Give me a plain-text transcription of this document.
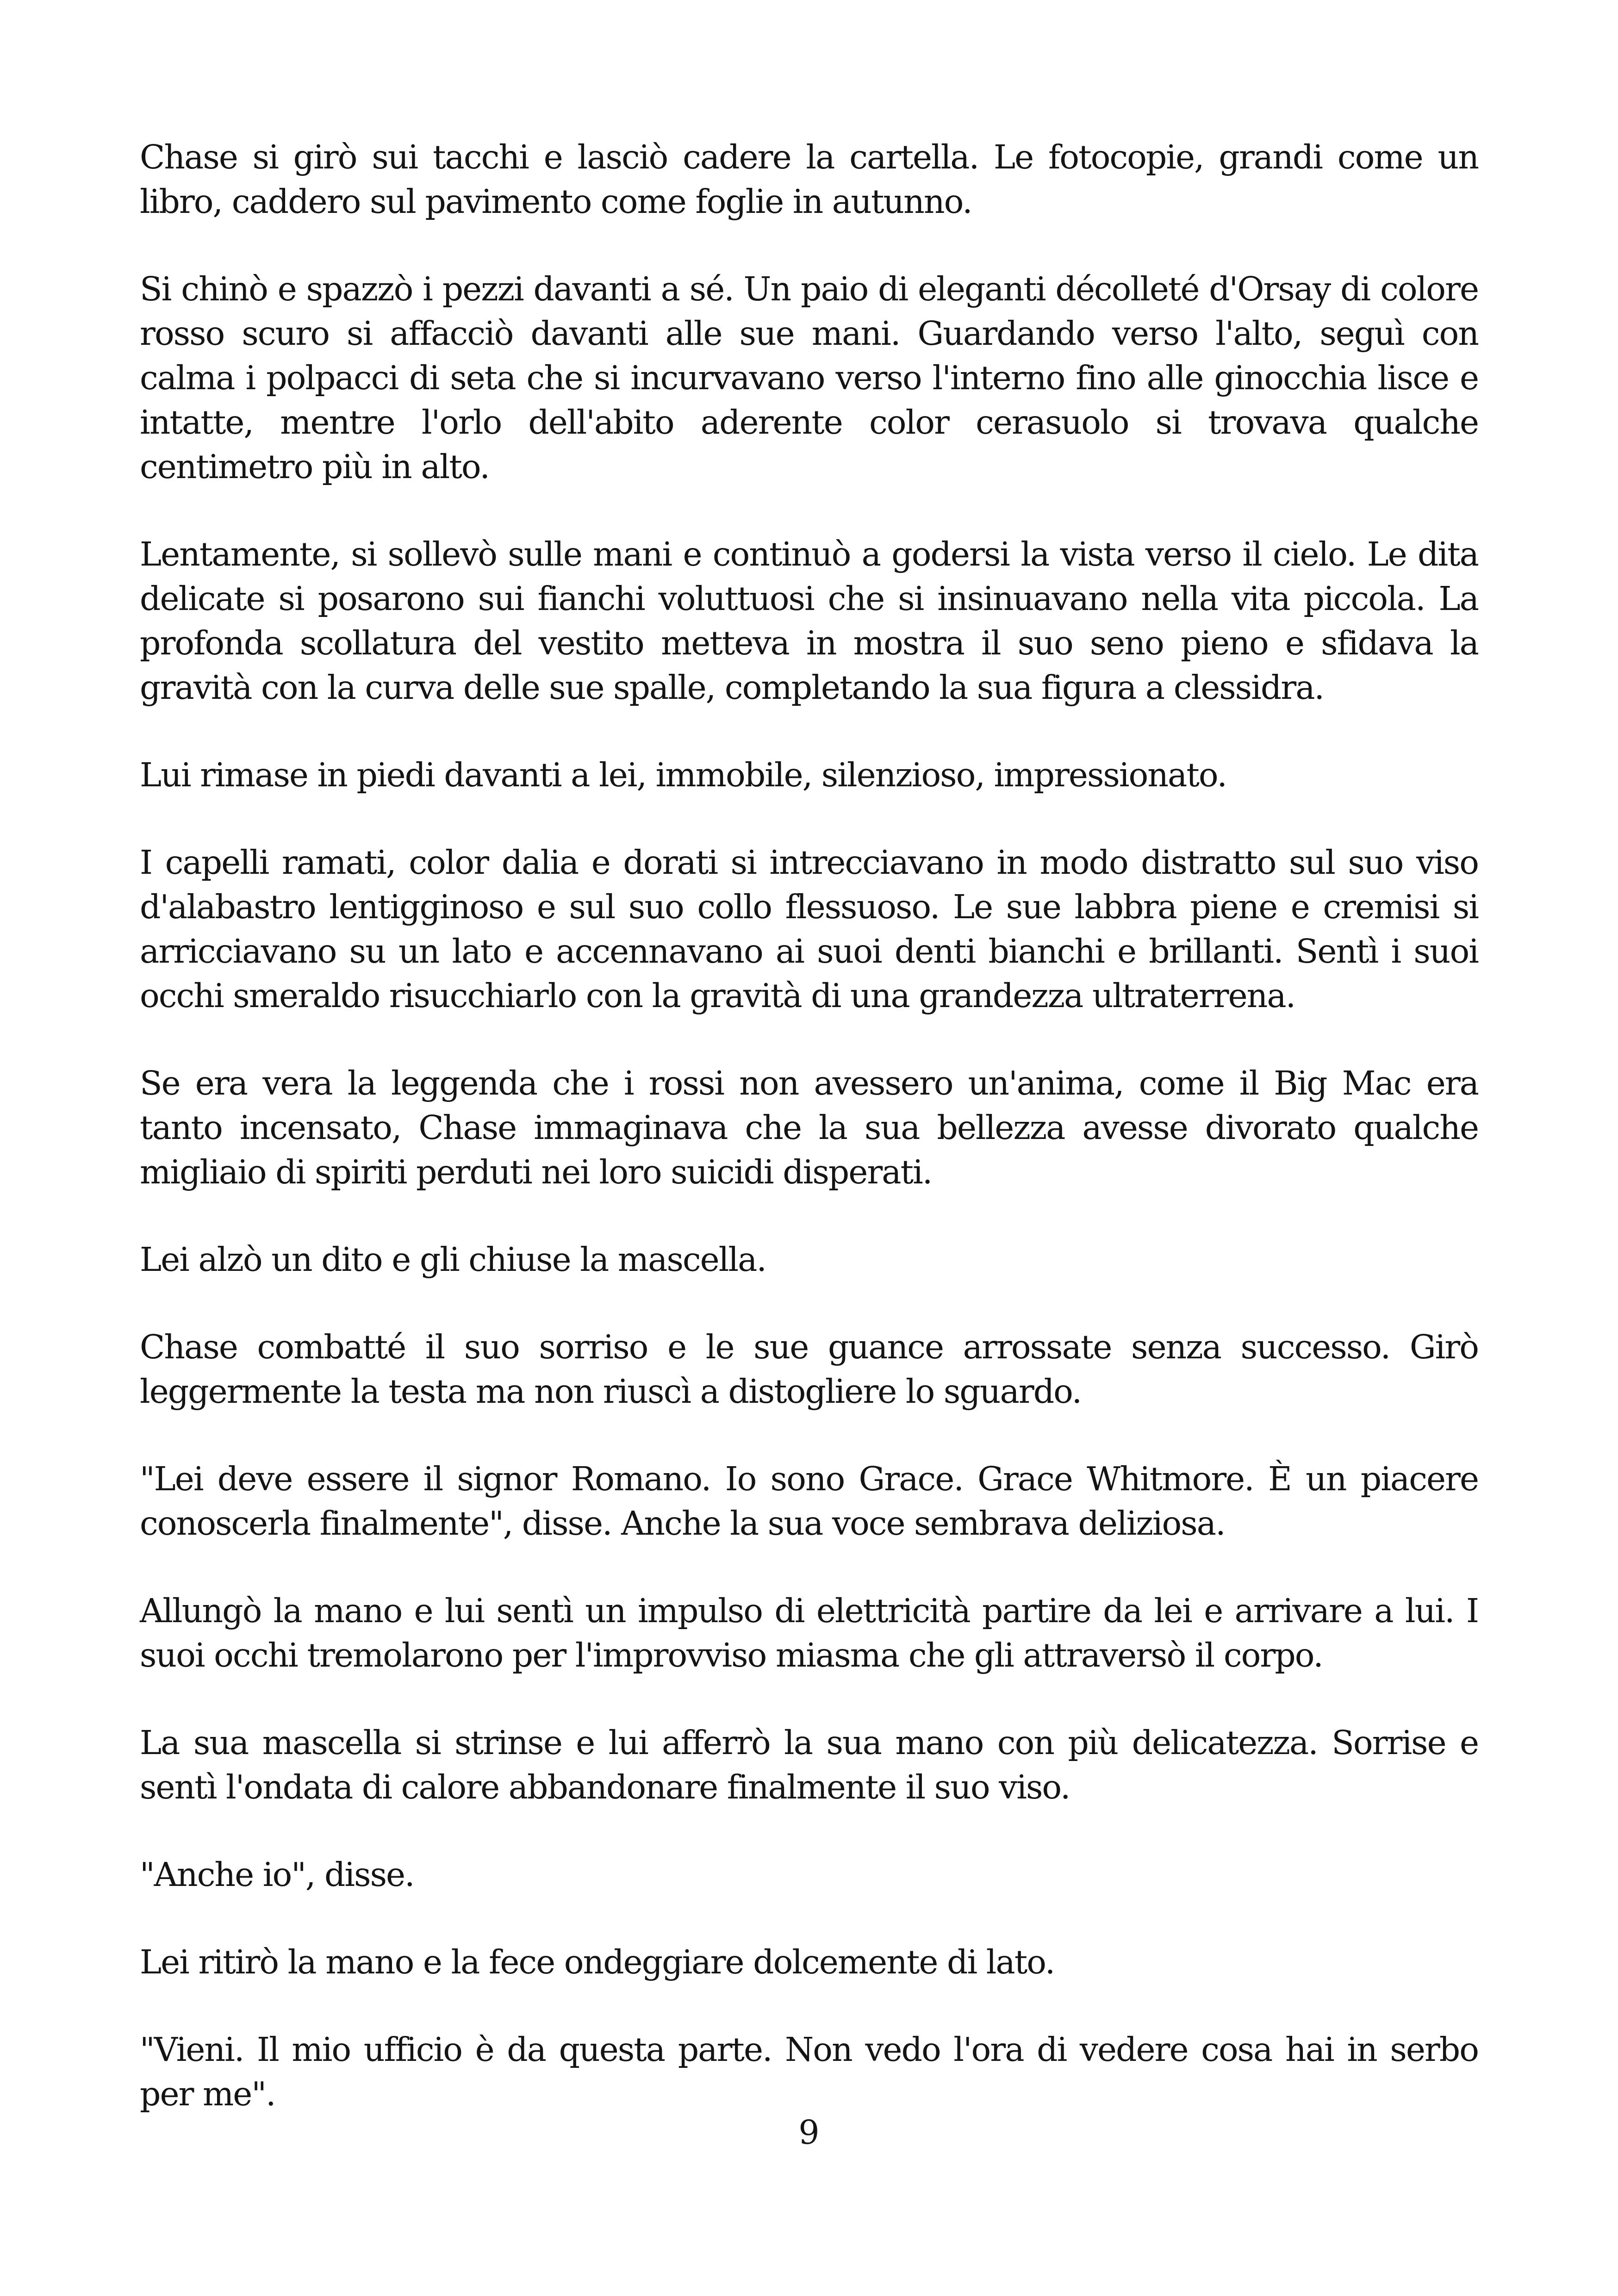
Chase si girò sui tacchi e lasciò cadere la cartella. Le fotocopie, grandi come un libro, caddero sul pavimento come foglie in autunno.

Si chinò e spazzò i pezzi davanti a sé. Un paio di eleganti décolleté d'Orsay di colore rosso scuro si affacciò davanti alle sue mani. Guardando verso l'alto, seguì con calma i polpacci di seta che si incurvavano verso l'interno fino alle ginocchia lisce e intatte, mentre l'orlo dell'abito aderente color cerasuolo si trovava qualche centimetro più in alto.

Lentamente, si sollevò sulle mani e continuò a godersi la vista verso il cielo. Le dita delicate si posarono sui fianchi voluttuosi che si insinuavano nella vita piccola. La profonda scollatura del vestito metteva in mostra il suo seno pieno e sfidava la gravità con la curva delle sue spalle, completando la sua figura a clessidra.

Lui rimase in piedi davanti a lei, immobile, silenzioso, impressionato.

I capelli ramati, color dalia e dorati si intrecciavano in modo distratto sul suo viso d'alabastro lentigginoso e sul suo collo flessuoso. Le sue labbra piene e cremisi si arricciavano su un lato e accennavano ai suoi denti bianchi e brillanti. Sentì i suoi occhi smeraldo risucchiarlo con la gravità di una grandezza ultraterrena.

Se era vera la leggenda che i rossi non avessero un'anima, come il Big Mac era tanto incensato, Chase immaginava che la sua bellezza avesse divorato qualche migliaio di spiriti perduti nei loro suicidi disperati.

Lei alzò un dito e gli chiuse la mascella.

Chase combatté il suo sorriso e le sue guance arrossate senza successo. Girò leggermente la testa ma non riuscì a distogliere lo sguardo.

"Lei deve essere il signor Romano. Io sono Grace. Grace Whitmore. È un piacere conoscerla finalmente", disse. Anche la sua voce sembrava deliziosa.

Allungò la mano e lui sentì un impulso di elettricità partire da lei e arrivare a lui. I suoi occhi tremolarono per l'improvviso miasma che gli attraversò il corpo.

La sua mascella si strinse e lui afferrò la sua mano con più delicatezza. Sorrise e sentì l'ondata di calore abbandonare finalmente il suo viso.

"Anche io", disse.

Lei ritirò la mano e la fece ondeggiare dolcemente di lato.

"Vieni. Il mio ufficio è da questa parte. Non vedo l'ora di vedere cosa hai in serbo per me".

9
